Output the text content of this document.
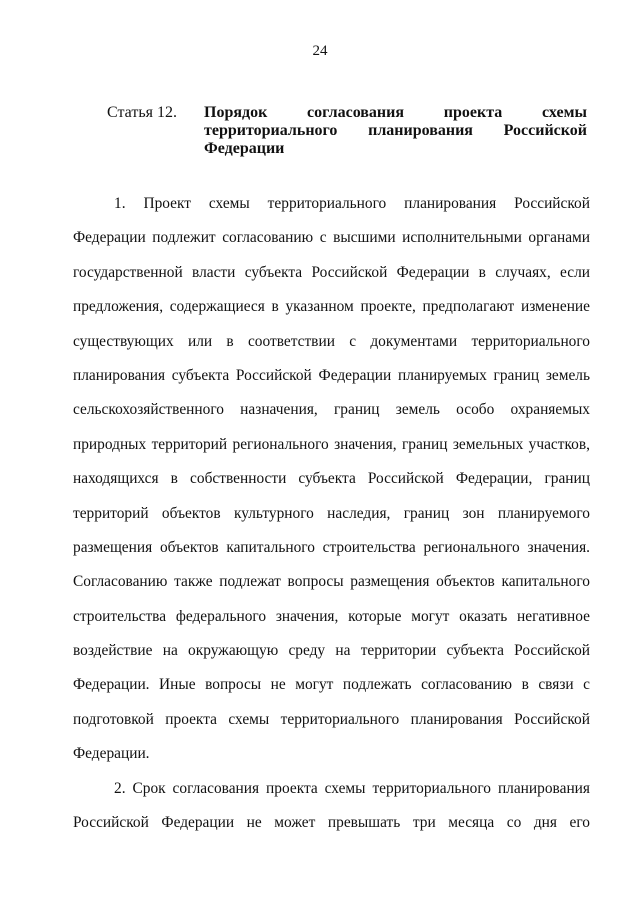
24
Статья 12.	Порядок согласования проекта схемы
территориального планирования Российской
Федерации
1. Проект схемы территориального планирования Российской
Федерации подлежит согласованию с высшими исполнительными органами
государственной власти субъекта Российской Федерации в случаях, если
предложения, содержащиеся в указанном проекте, предполагают изменение
существующих или в соответствии с документами территориального
планирования субъекта Российской Федерации планируемых границ земель
сельскохозяйственного назначения, границ земель особо охраняемых
природных территорий регионального значения, границ земельных участков,
находящихся в собственности субъекта Российской Федерации, границ
территорий объектов культурного наследия, границ зон планируемого
размещения объектов капитального строительства регионального значения.
Согласованию также подлежат вопросы размещения объектов капитального
строительства федерального значения, которые могут оказать негативное
воздействие на окружающую среду на территории субъекта Российской
Федерации. Иные вопросы не могут подлежать согласованию в связи с
подготовкой проекта схемы территориального планирования Российской
Федерации.
2. Срок согласования проекта схемы территориального планирования
Российской Федерации не может превышать три месяца со дня его
